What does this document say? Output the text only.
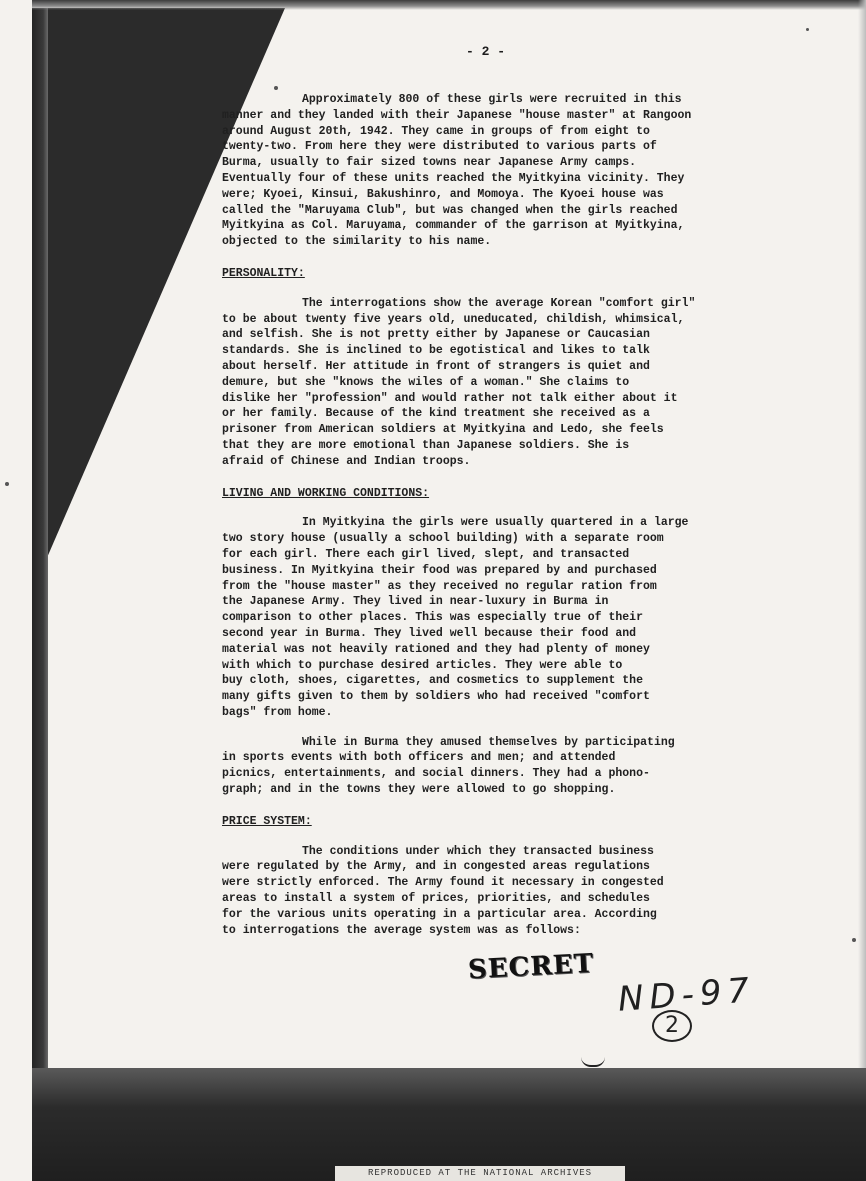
- 2 -
Approximately 800 of these girls were recruited in this
manner and they landed with their Japanese "house master" at Rangoon
around August 20th, 1942. They came in groups of from eight to
twenty-two. From here they were distributed to various parts of
Burma, usually to fair sized towns near Japanese Army camps.
Eventually four of these units reached the Myitkyina vicinity. They
were; Kyoei, Kinsui, Bakushinro, and Momoya. The Kyoei house was
called the "Maruyama Club", but was changed when the girls reached
Myitkyina as Col. Maruyama, commander of the garrison at Myitkyina,
objected to the similarity to his name.
PERSONALITY:
The interrogations show the average Korean "comfort girl"
to be about twenty five years old, uneducated, childish, whimsical,
and selfish. She is not pretty either by Japanese or Caucasian
standards. She is inclined to be egotistical and likes to talk
about herself. Her attitude in front of strangers is quiet and
demure, but she "knows the wiles of a woman." She claims to
dislike her "profession" and would rather not talk either about it
or her family. Because of the kind treatment she received as a
prisoner from American soldiers at Myitkyina and Ledo, she feels
that they are more emotional than Japanese soldiers. She is
afraid of Chinese and Indian troops.
LIVING AND WORKING CONDITIONS:
In Myitkyina the girls were usually quartered in a large
two story house (usually a school building) with a separate room
for each girl. There each girl lived, slept, and transacted
business. In Myitkyina their food was prepared by and purchased
from the "house master" as they received no regular ration from
the Japanese Army. They lived in near-luxury in Burma in
comparison to other places. This was especially true of their
second year in Burma. They lived well because their food and
material was not heavily rationed and they had plenty of money
with which to purchase desired articles. They were able to
buy cloth, shoes, cigarettes, and cosmetics to supplement the
many gifts given to them by soldiers who had received "comfort
bags" from home.
While in Burma they amused themselves by participating
in sports events with both officers and men; and attended
picnics, entertainments, and social dinners. They had a phono-
graph; and in the towns they were allowed to go shopping.
PRICE SYSTEM:
The conditions under which they transacted business
were regulated by the Army, and in congested areas regulations
were strictly enforced. The Army found it necessary in congested
areas to install a system of prices, priorities, and schedules
for the various units operating in a particular area. According
to interrogations the average system was as follows:
SECRET
ND-97
2
REPRODUCED AT THE NATIONAL ARCHIVES
